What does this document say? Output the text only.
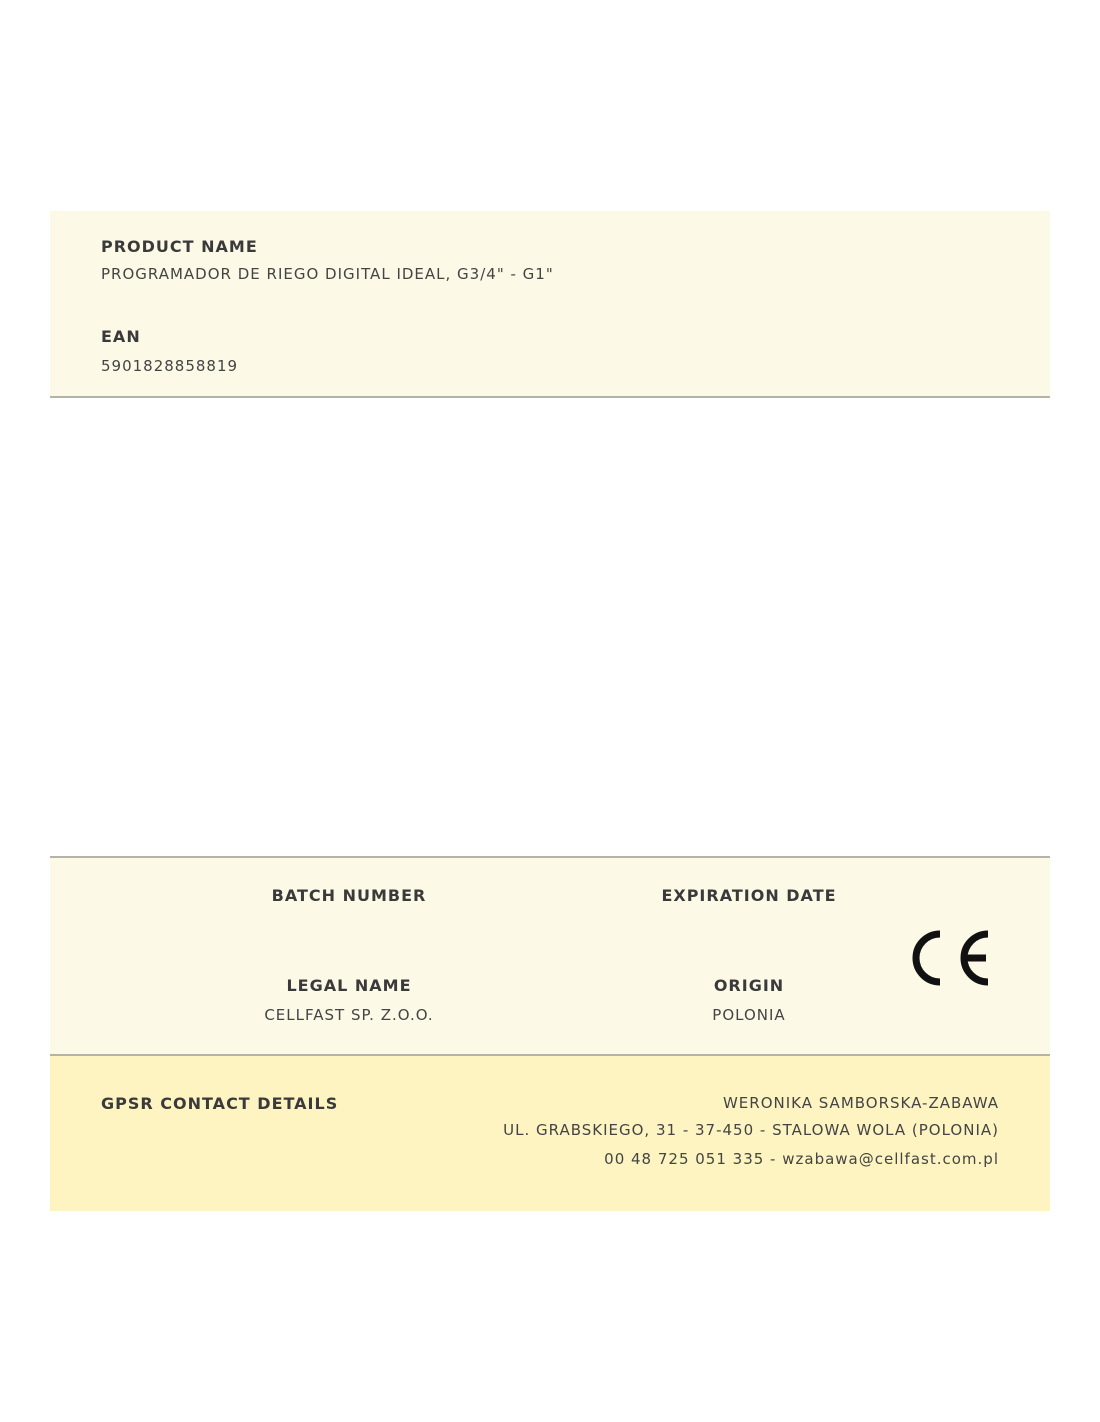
PRODUCT NAME
PROGRAMADOR DE RIEGO DIGITAL IDEAL, G3/4" - G1"
EAN
5901828858819
BATCH NUMBER	EXPIRATION DATE
LEGAL NAME
CELLFAST SP. Z.O.O.
ORIGIN
POLONIA
GPSR CONTACT DETAILS	WERONIKA SAMBORSKA-ZABAWA
UL. GRABSKIEGO, 31 - 37-450 - STALOWA WOLA (POLONIA)
00 48 725 051 335 - wzabawa@cellfast.com.pl
